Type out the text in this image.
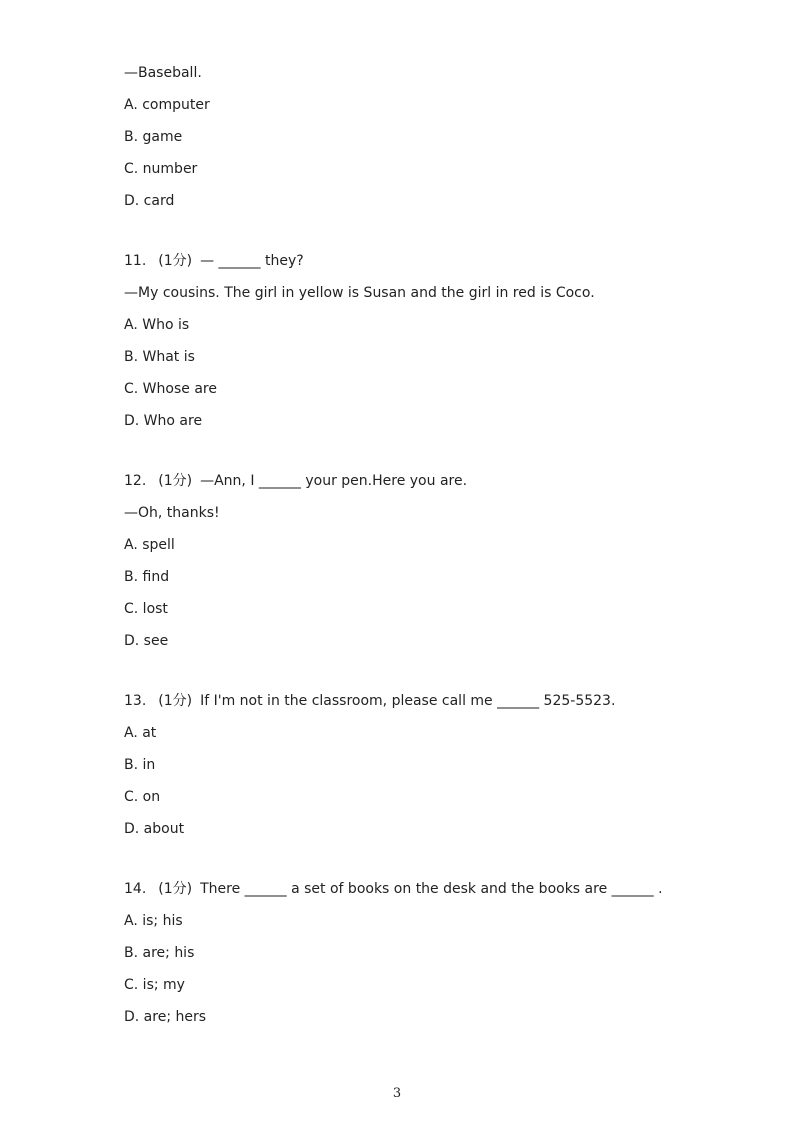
—Baseball.
A. computer
B. game
C. number
D. card
11. (1分) — ______ they?
—My cousins. The girl in yellow is Susan and the girl in red is Coco.
A. Who is
B. What is
C. Whose are
D. Who are
12. (1分) —Ann, I ______ your pen.Here you are.
—Oh, thanks!
A. spell
B. find
C. lost
D. see
13. (1分) If I'm not in the classroom, please call me ______ 525-5523.
A. at
B. in
C. on
D. about
14. (1分) There ______ a set of books on the desk and the books are ______ .
A. is; his
B. are; his
C. is; my
D. are; hers
3
